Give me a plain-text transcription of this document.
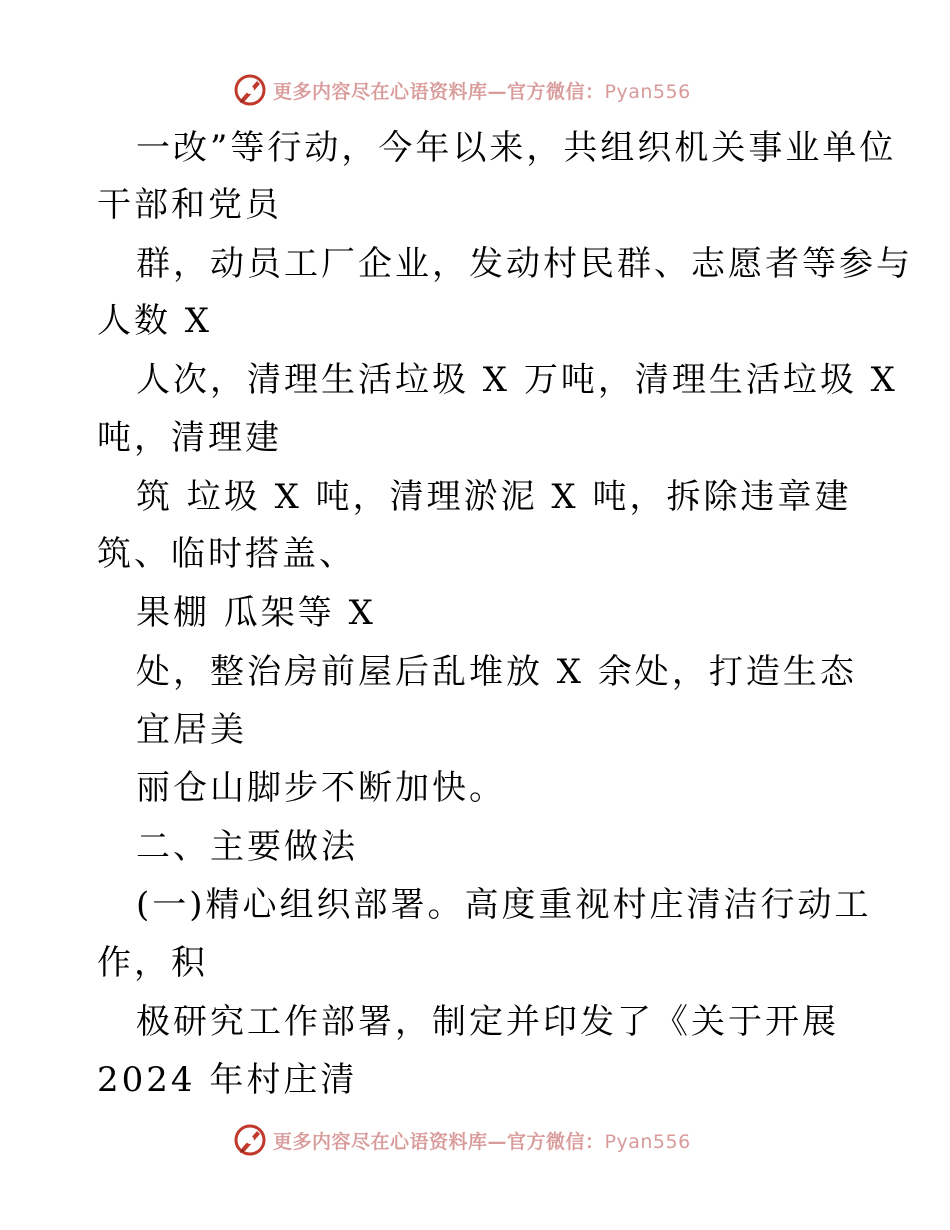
更多内容尽在心语资料库—官方微信：Pyan556
一改”等行动，今年以来，共组织机关事业单位
干部和党员
群，动员工厂企业，发动村民群、志愿者等参与
人数 X
人次，清理生活垃圾 X 万吨，清理生活垃圾 X
吨，清理建
筑 垃圾 X 吨，清理淤泥 X 吨，拆除违章建
筑、临时搭盖、
果棚 瓜架等 X
处，整治房前屋后乱堆放 X 余处，打造生态
宜居美
丽仓山脚步不断加快。
二、主要做法
(一)精心组织部署。高度重视村庄清洁行动工
作，积
极研究工作部署，制定并印发了《关于开展
2024 年村庄清
更多内容尽在心语资料库—官方微信：Pyan556
